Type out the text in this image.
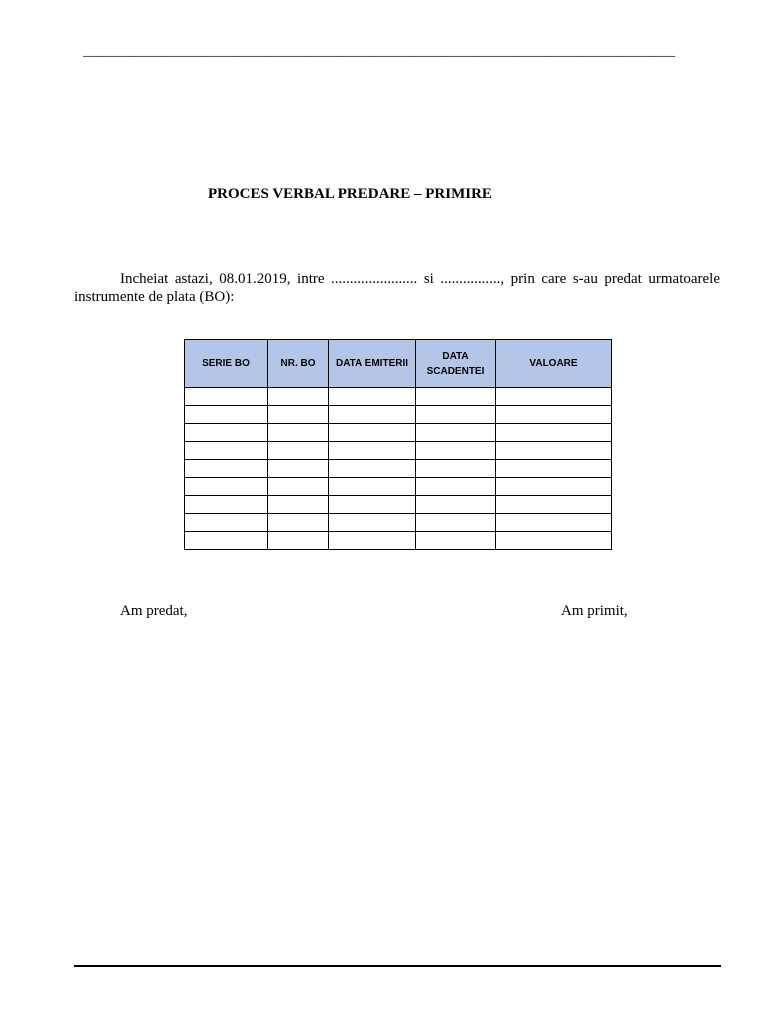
___________________________________________________________________________________________
PROCES VERBAL PREDARE – PRIMIRE
Incheiat astazi, 08.01.2019, intre ....................... si ................, prin care s-au predat urmatoarele
instrumente de plata (BO):
SERIE BO	NR. BO	DATA EMITERII	DATA SCADENTEI	VALOARE

Am predat,	Am primit,
